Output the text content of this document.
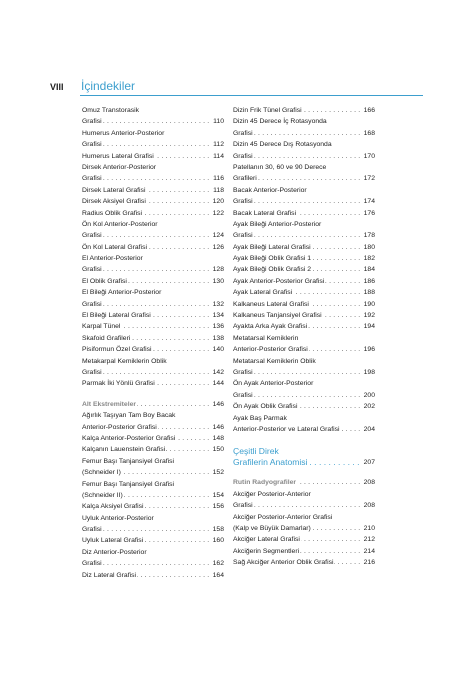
VIII İçindekiler
Omuz Transtorasik
. . . Grafisi	110
Humerus Anterior-Posterior
. . . Grafisi	112
. . . Humerus Lateral Grafisi	114
Dirsek Anterior-Posterior
. . . Grafisi	116
. . . Dirsek Lateral Grafisi	118
. . . Dirsek Aksiyel Grafisi	120
. . . Radius Oblik Grafisi	122
Ön Kol Anterior-Posterior
. . . Grafisi	124
. . . Ön Kol Lateral Grafisi	126
El Anterior-Posterior
. . . Grafisi	128
. . . El Oblik Grafisi	130
El Bileği Anterior-Posterior
. . . Grafisi	132
. . . El Bileği Lateral Grafisi	134
. . . Karpal Tünel	136
. . . Skafoid Grafileri	138
. . . Pisiformun Özel Grafisi	140
Metakarpal Kemiklerin Oblik
. . . Grafisi	142
. . . Parmak İki Yönlü Grafisi	144
. . . Alt Ekstremiteler	146
Ağırlık Taşıyan Tam Boy Bacak
. . . Anterior-Posterior Grafisi	146
. . . Kalça Anterior-Posterior Grafisi	148
. . . Kalçanın Lauenstein Grafisi	150
Femur Başı Tanjansiyel Grafisi
. . . (Schneider I)	152
Femur Başı Tanjansiyel Grafisi
. . . (Schneider II)	154
. . . Kalça Aksiyel Grafisi	156
Uyluk Anterior-Posterior
. . . Grafisi	158
. . . Uyluk Lateral Grafisi	160
Diz Anterior-Posterior
. . . Grafisi	162
. . . Diz Lateral Grafisi	164
. . . Dizin Frik Tünel Grafisi	166
Dizin 45 Derece İç Rotasyonda
. . . Grafisi	168
Dizin 45 Derece Dış Rotasyonda
. . . Grafisi	170
Patellanın 30, 60 ve 90 Derece
. . . Grafileri	172
Bacak Anterior-Posterior
. . . Grafisi	174
. . . Bacak Lateral Grafisi	176
Ayak Bileği Anterior-Posterior
. . . Grafisi	178
. . . Ayak Bileği Lateral Grafisi	180
. . . Ayak Bileği Oblik Grafisi 1	182
. . . Ayak Bileği Oblik Grafisi 2	184
. . . Ayak Anterior-Posterior Grafisi	186
. . . Ayak Lateral Grafisi	188
. . . Kalkaneus Lateral Grafisi	190
. . . Kalkaneus Tanjansiyel Grafisi	192
. . . Ayakta Arka Ayak Grafisi	194
Metatarsal Kemiklerin
. . . Anterior-Posterior Grafisi	196
Metatarsal Kemiklerin Oblik
. . . Grafisi	198
Ön Ayak Anterior-Posterior
. . . Grafisi	200
. . . Ön Ayak Oblik Grafisi	202
Ayak Baş Parmak
. . . Anterior-Posterior ve Lateral Grafisi	204
Çeşitli Direk
. . . Grafilerin Anatomisi	207
. . . Rutin Radyografiler	208
Akciğer Posterior-Anterior
. . . Grafisi	208
Akciğer Posterior-Anterior Grafisi
. . . (Kalp ve Büyük Damarlar)	210
. . . Akciğer Lateral Grafisi	212
. . . Akciğerin Segmentleri	214
. . . Sağ Akciğer Anterior Oblik Grafisi	216
